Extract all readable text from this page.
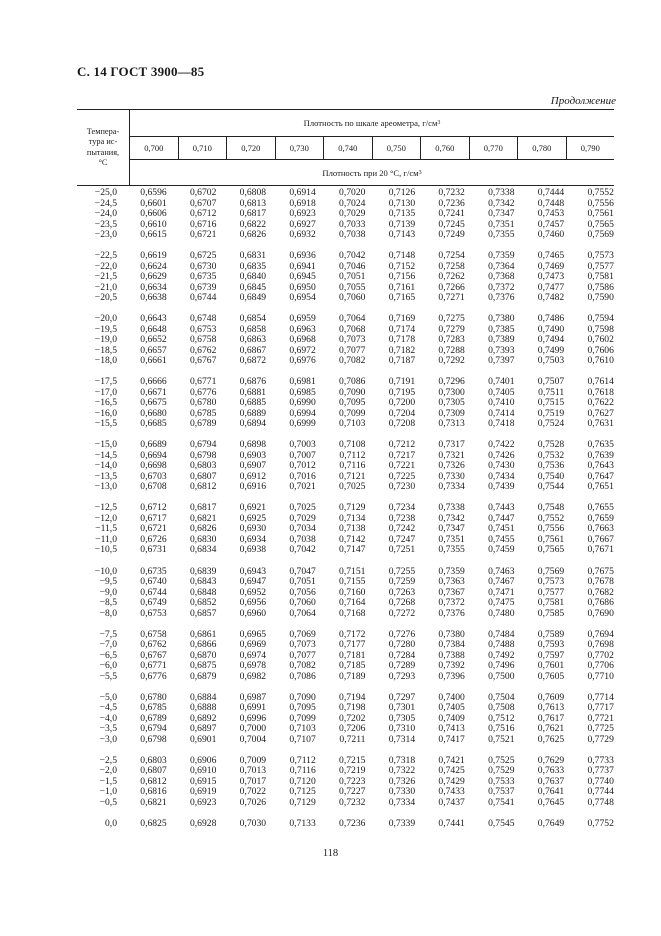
С. 14 ГОСТ 3900—85
Продолжение
Темпера-
тура ис-
пытания,
°С
Плотность по шкале ареометра, г/см 3
0,700	0,710	0,720	0,730	0,740	0,750	0,760	0,770	0,780	0,790
Плотность при 20 °С, г/см 3
−25,0	0,6596	0,6702	0,6808	0,6914	0,7020	0,7126	0,7232	0,7338	0,7444	0,7552
−24,5	0,6601	0,6707	0,6813	0,6918	0,7024	0,7130	0,7236	0,7342	0,7448	0,7556
−24,0	0,6606	0,6712	0,6817	0,6923	0,7029	0,7135	0,7241	0,7347	0,7453	0,7561
−23,5	0,6610	0,6716	0,6822	0,6927	0,7033	0,7139	0,7245	0,7351	0,7457	0,7565
−23,0	0,6615	0,6721	0,6826	0,6932	0,7038	0,7143	0,7249	0,7355	0,7460	0,7569
−22,5	0,6619	0,6725	0,6831	0,6936	0,7042	0,7148	0,7254	0,7359	0,7465	0,7573
−22,0	0,6624	0,6730	0,6835	0,6941	0,7046	0,7152	0,7258	0,7364	0,7469	0,7577
−21,5	0,6629	0,6735	0,6840	0,6945	0,7051	0,7156	0,7262	0,7368	0,7473	0,7581
−21,0	0,6634	0,6739	0,6845	0,6950	0,7055	0,7161	0,7266	0,7372	0,7477	0,7586
−20,5	0,6638	0,6744	0,6849	0,6954	0,7060	0,7165	0,7271	0,7376	0,7482	0,7590
−20,0	0,6643	0,6748	0,6854	0,6959	0,7064	0,7169	0,7275	0,7380	0,7486	0,7594
−19,5	0,6648	0,6753	0,6858	0,6963	0,7068	0,7174	0,7279	0,7385	0,7490	0,7598
−19,0	0,6652	0,6758	0,6863	0,6968	0,7073	0,7178	0,7283	0,7389	0,7494	0,7602
−18,5	0,6657	0,6762	0,6867	0,6972	0,7077	0,7182	0,7288	0,7393	0,7499	0,7606
−18,0	0,6661	0,6767	0,6872	0,6976	0,7082	0,7187	0,7292	0,7397	0,7503	0,7610
−17,5	0,6666	0,6771	0,6876	0,6981	0,7086	0,7191	0,7296	0,7401	0,7507	0,7614
−17,0	0,6671	0,6776	0,6881	0,6985	0,7090	0,7195	0,7300	0,7405	0,7511	0,7618
−16,5	0,6675	0,6780	0,6885	0,6990	0,7095	0,7200	0,7305	0,7410	0,7515	0,7622
−16,0	0,6680	0,6785	0,6889	0,6994	0,7099	0,7204	0,7309	0,7414	0,7519	0,7627
−15,5	0,6685	0,6789	0,6894	0,6999	0,7103	0,7208	0,7313	0,7418	0,7524	0,7631
−15,0	0,6689	0,6794	0,6898	0,7003	0,7108	0,7212	0,7317	0,7422	0,7528	0,7635
−14,5	0,6694	0,6798	0,6903	0,7007	0,7112	0,7217	0,7321	0,7426	0,7532	0,7639
−14,0	0,6698	0,6803	0,6907	0,7012	0,7116	0,7221	0,7326	0,7430	0,7536	0,7643
−13,5	0,6703	0,6807	0,6912	0,7016	0,7121	0,7225	0,7330	0,7434	0,7540	0,7647
−13,0	0,6708	0,6812	0,6916	0,7021	0,7025	0,7230	0,7334	0,7439	0,7544	0,7651
−12,5	0,6712	0,6817	0,6921	0,7025	0,7129	0,7234	0,7338	0,7443	0,7548	0,7655
−12,0	0,6717	0,6821	0,6925	0,7029	0,7134	0,7238	0,7342	0,7447	0,7552	0,7659
−11,5	0,6721	0,6826	0,6930	0,7034	0,7138	0,7242	0,7347	0,7451	0,7556	0,7663
−11,0	0,6726	0,6830	0,6934	0,7038	0,7142	0,7247	0,7351	0,7455	0,7561	0,7667
−10,5	0,6731	0,6834	0,6938	0,7042	0,7147	0,7251	0,7355	0,7459	0,7565	0,7671
−10,0	0,6735	0,6839	0,6943	0,7047	0,7151	0,7255	0,7359	0,7463	0,7569	0,7675
−9,5	0,6740	0,6843	0,6947	0,7051	0,7155	0,7259	0,7363	0,7467	0,7573	0,7678
−9,0	0,6744	0,6848	0,6952	0,7056	0,7160	0,7263	0,7367	0,7471	0,7577	0,7682
−8,5	0,6749	0,6852	0,6956	0,7060	0,7164	0,7268	0,7372	0,7475	0,7581	0,7686
−8,0	0,6753	0,6857	0,6960	0,7064	0,7168	0,7272	0,7376	0,7480	0,7585	0,7690
−7,5	0,6758	0,6861	0,6965	0,7069	0,7172	0,7276	0,7380	0,7484	0,7589	0,7694
−7,0	0,6762	0,6866	0,6969	0,7073	0,7177	0,7280	0,7384	0,7488	0,7593	0,7698
−6,5	0,6767	0,6870	0,6974	0,7077	0,7181	0,7284	0,7388	0,7492	0,7597	0,7702
−6,0	0,6771	0,6875	0,6978	0,7082	0,7185	0,7289	0,7392	0,7496	0,7601	0,7706
−5,5	0,6776	0,6879	0,6982	0,7086	0,7189	0,7293	0,7396	0,7500	0,7605	0,7710
−5,0	0,6780	0,6884	0,6987	0,7090	0,7194	0,7297	0,7400	0,7504	0,7609	0,7714
−4,5	0,6785	0,6888	0,6991	0,7095	0,7198	0,7301	0,7405	0,7508	0,7613	0,7717
−4,0	0,6789	0,6892	0,6996	0,7099	0,7202	0,7305	0,7409	0,7512	0,7617	0,7721
−3,5	0,6794	0,6897	0,7000	0,7103	0,7206	0,7310	0,7413	0,7516	0,7621	0,7725
−3,0	0,6798	0,6901	0,7004	0,7107	0,7211	0,7314	0,7417	0,7521	0,7625	0,7729
−2,5	0,6803	0,6906	0,7009	0,7112	0,7215	0,7318	0,7421	0,7525	0,7629	0,7733
−2,0	0,6807	0,6910	0,7013	0,7116	0,7219	0,7322	0,7425	0,7529	0,7633	0,7737
−1,5	0,6812	0,6915	0,7017	0,7120	0,7223	0,7326	0,7429	0,7533	0,7637	0,7740
−1,0	0,6816	0,6919	0,7022	0,7125	0,7227	0,7330	0,7433	0,7537	0,7641	0,7744
−0,5	0,6821	0,6923	0,7026	0,7129	0,7232	0,7334	0,7437	0,7541	0,7645	0,7748
0,0	0,6825	0,6928	0,7030	0,7133	0,7236	0,7339	0,7441	0,7545	0,7649	0,7752
118
